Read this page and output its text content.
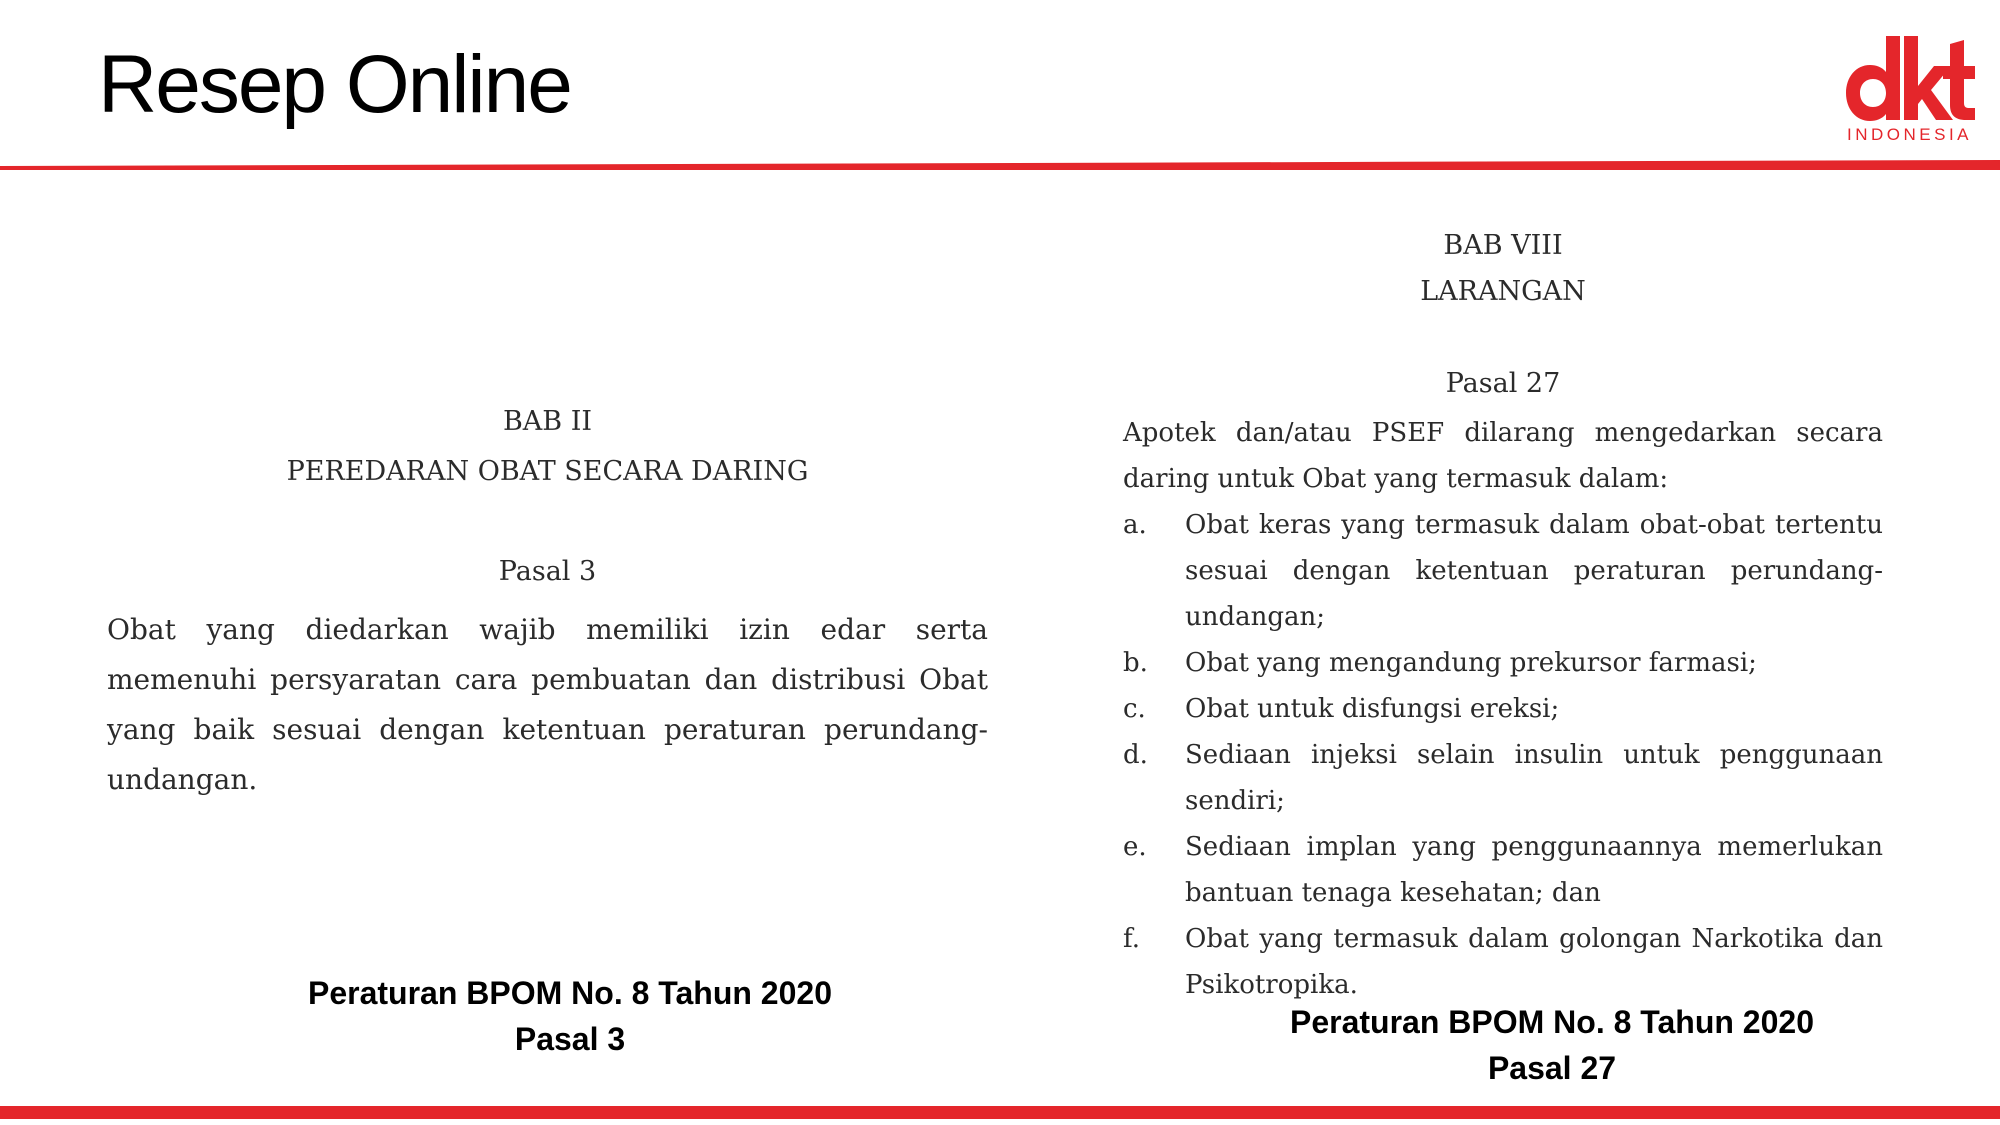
Resep Online
INDONESIA
BAB II
PEREDARAN OBAT SECARA DARING
Pasal 3
Obat yang diedarkan wajib memiliki izin edar serta memenuhi persyaratan cara pembuatan dan distribusi Obat yang baik sesuai dengan ketentuan peraturan perundang-undangan.
Peraturan BPOM No. 8 Tahun 2020
Pasal 3
BAB VIII
LARANGAN
Pasal 27
Apotek dan/atau PSEF dilarang mengedarkan secara daring untuk Obat yang termasuk dalam:
a.	Obat keras yang termasuk dalam obat-obat tertentu sesuai dengan ketentuan peraturan perundang-undangan;
b.	Obat yang mengandung prekursor farmasi;
c.	Obat untuk disfungsi ereksi;
d.	Sediaan injeksi selain insulin untuk penggunaan sendiri;
e.	Sediaan implan yang penggunaannya memerlukan bantuan tenaga kesehatan; dan
f.	Obat yang termasuk dalam golongan Narkotika dan Psikotropika.
Peraturan BPOM No. 8 Tahun 2020
Pasal 27
